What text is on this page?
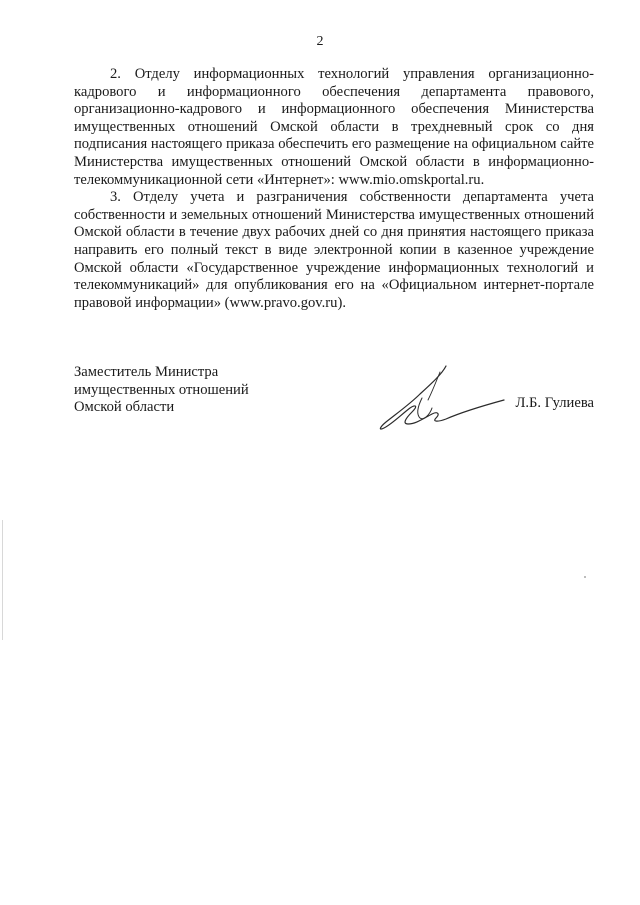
2

2. Отделу информационных технологий управления организационно- кадрового и информационного обеспечения департамента правового, организационно-кадрового и информационного обеспечения Министерства имущественных отношений Омской области в трехдневный срок со дня подписания настоящего приказа обеспечить его размещение на официальном сайте Министерства имущественных отношений Омской области в информационно-телекоммуникационной сети «Интернет»: www.mio.omskportal.ru.

3. Отделу учета и разграничения собственности департамента учета собственности и земельных отношений Министерства имущественных отношений Омской области в течение двух рабочих дней со дня принятия настоящего приказа направить его полный текст в виде электронной копии в казенное учреждение Омской области «Государственное учреждение информационных технологий и телекоммуникаций» для опубликования его на «Официальном интернет-портале правовой информации» (www.pravo.gov.ru).

Заместитель Министра
имущественных отношений
Омской области	Л.Б. Гулиева
